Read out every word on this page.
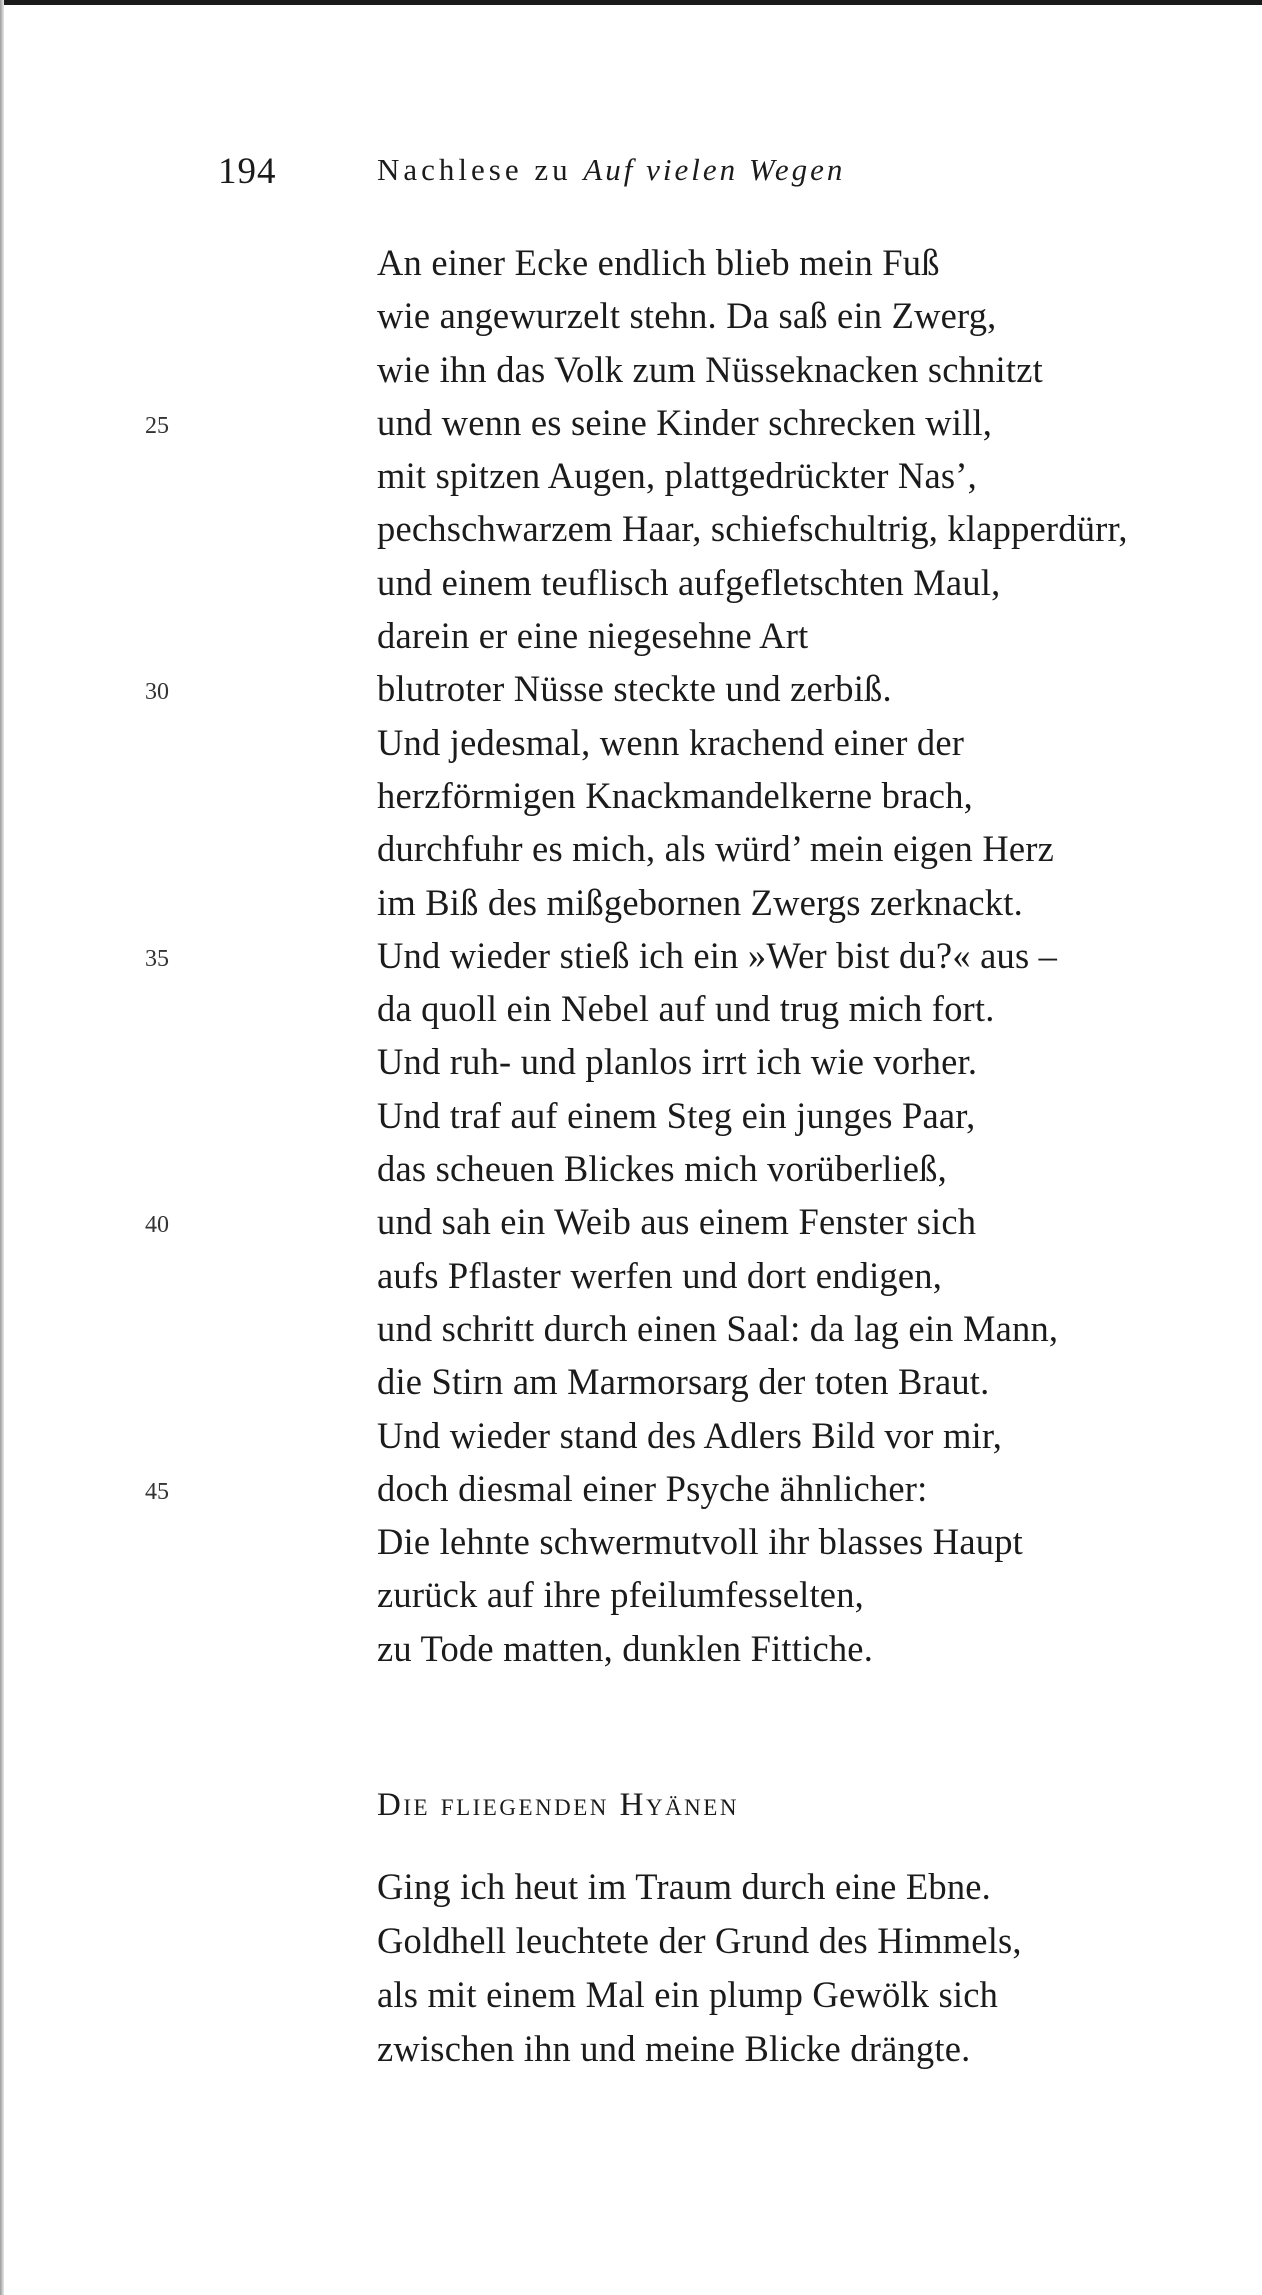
194	Nachlese zu Auf vielen Wegen
An einer Ecke endlich blieb mein Fuß
wie angewurzelt stehn. Da saß ein Zwerg,
wie ihn das Volk zum Nüsseknacken schnitzt
25	und wenn es seine Kinder schrecken will,
mit spitzen Augen, plattgedrückter Nas’,
pechschwarzem Haar, schiefschultrig, klapperdürr,
und einem teuflisch aufgefletschten Maul,
darein er eine niegesehne Art
30	blutroter Nüsse steckte und zerbiß.
Und jedesmal, wenn krachend einer der
herzförmigen Knackmandelkerne brach,
durchfuhr es mich, als würd’ mein eigen Herz
im Biß des mißgebornen Zwergs zerknackt.
35	Und wieder stieß ich ein »Wer bist du?« aus –
da quoll ein Nebel auf und trug mich fort.
Und ruh- und planlos irrt ich wie vorher.
Und traf auf einem Steg ein junges Paar,
das scheuen Blickes mich vorüberließ,
40	und sah ein Weib aus einem Fenster sich
aufs Pflaster werfen und dort endigen,
und schritt durch einen Saal: da lag ein Mann,
die Stirn am Marmorsarg der toten Braut.
Und wieder stand des Adlers Bild vor mir,
45	doch diesmal einer Psyche ähnlicher:
Die lehnte schwermutvoll ihr blasses Haupt
zurück auf ihre pfeilumfesselten,
zu Tode matten, dunklen Fittiche.
Die fliegenden Hyänen
Ging ich heut im Traum durch eine Ebne.
Goldhell leuchtete der Grund des Himmels,
als mit einem Mal ein plump Gewölk sich
zwischen ihn und meine Blicke drängte.
